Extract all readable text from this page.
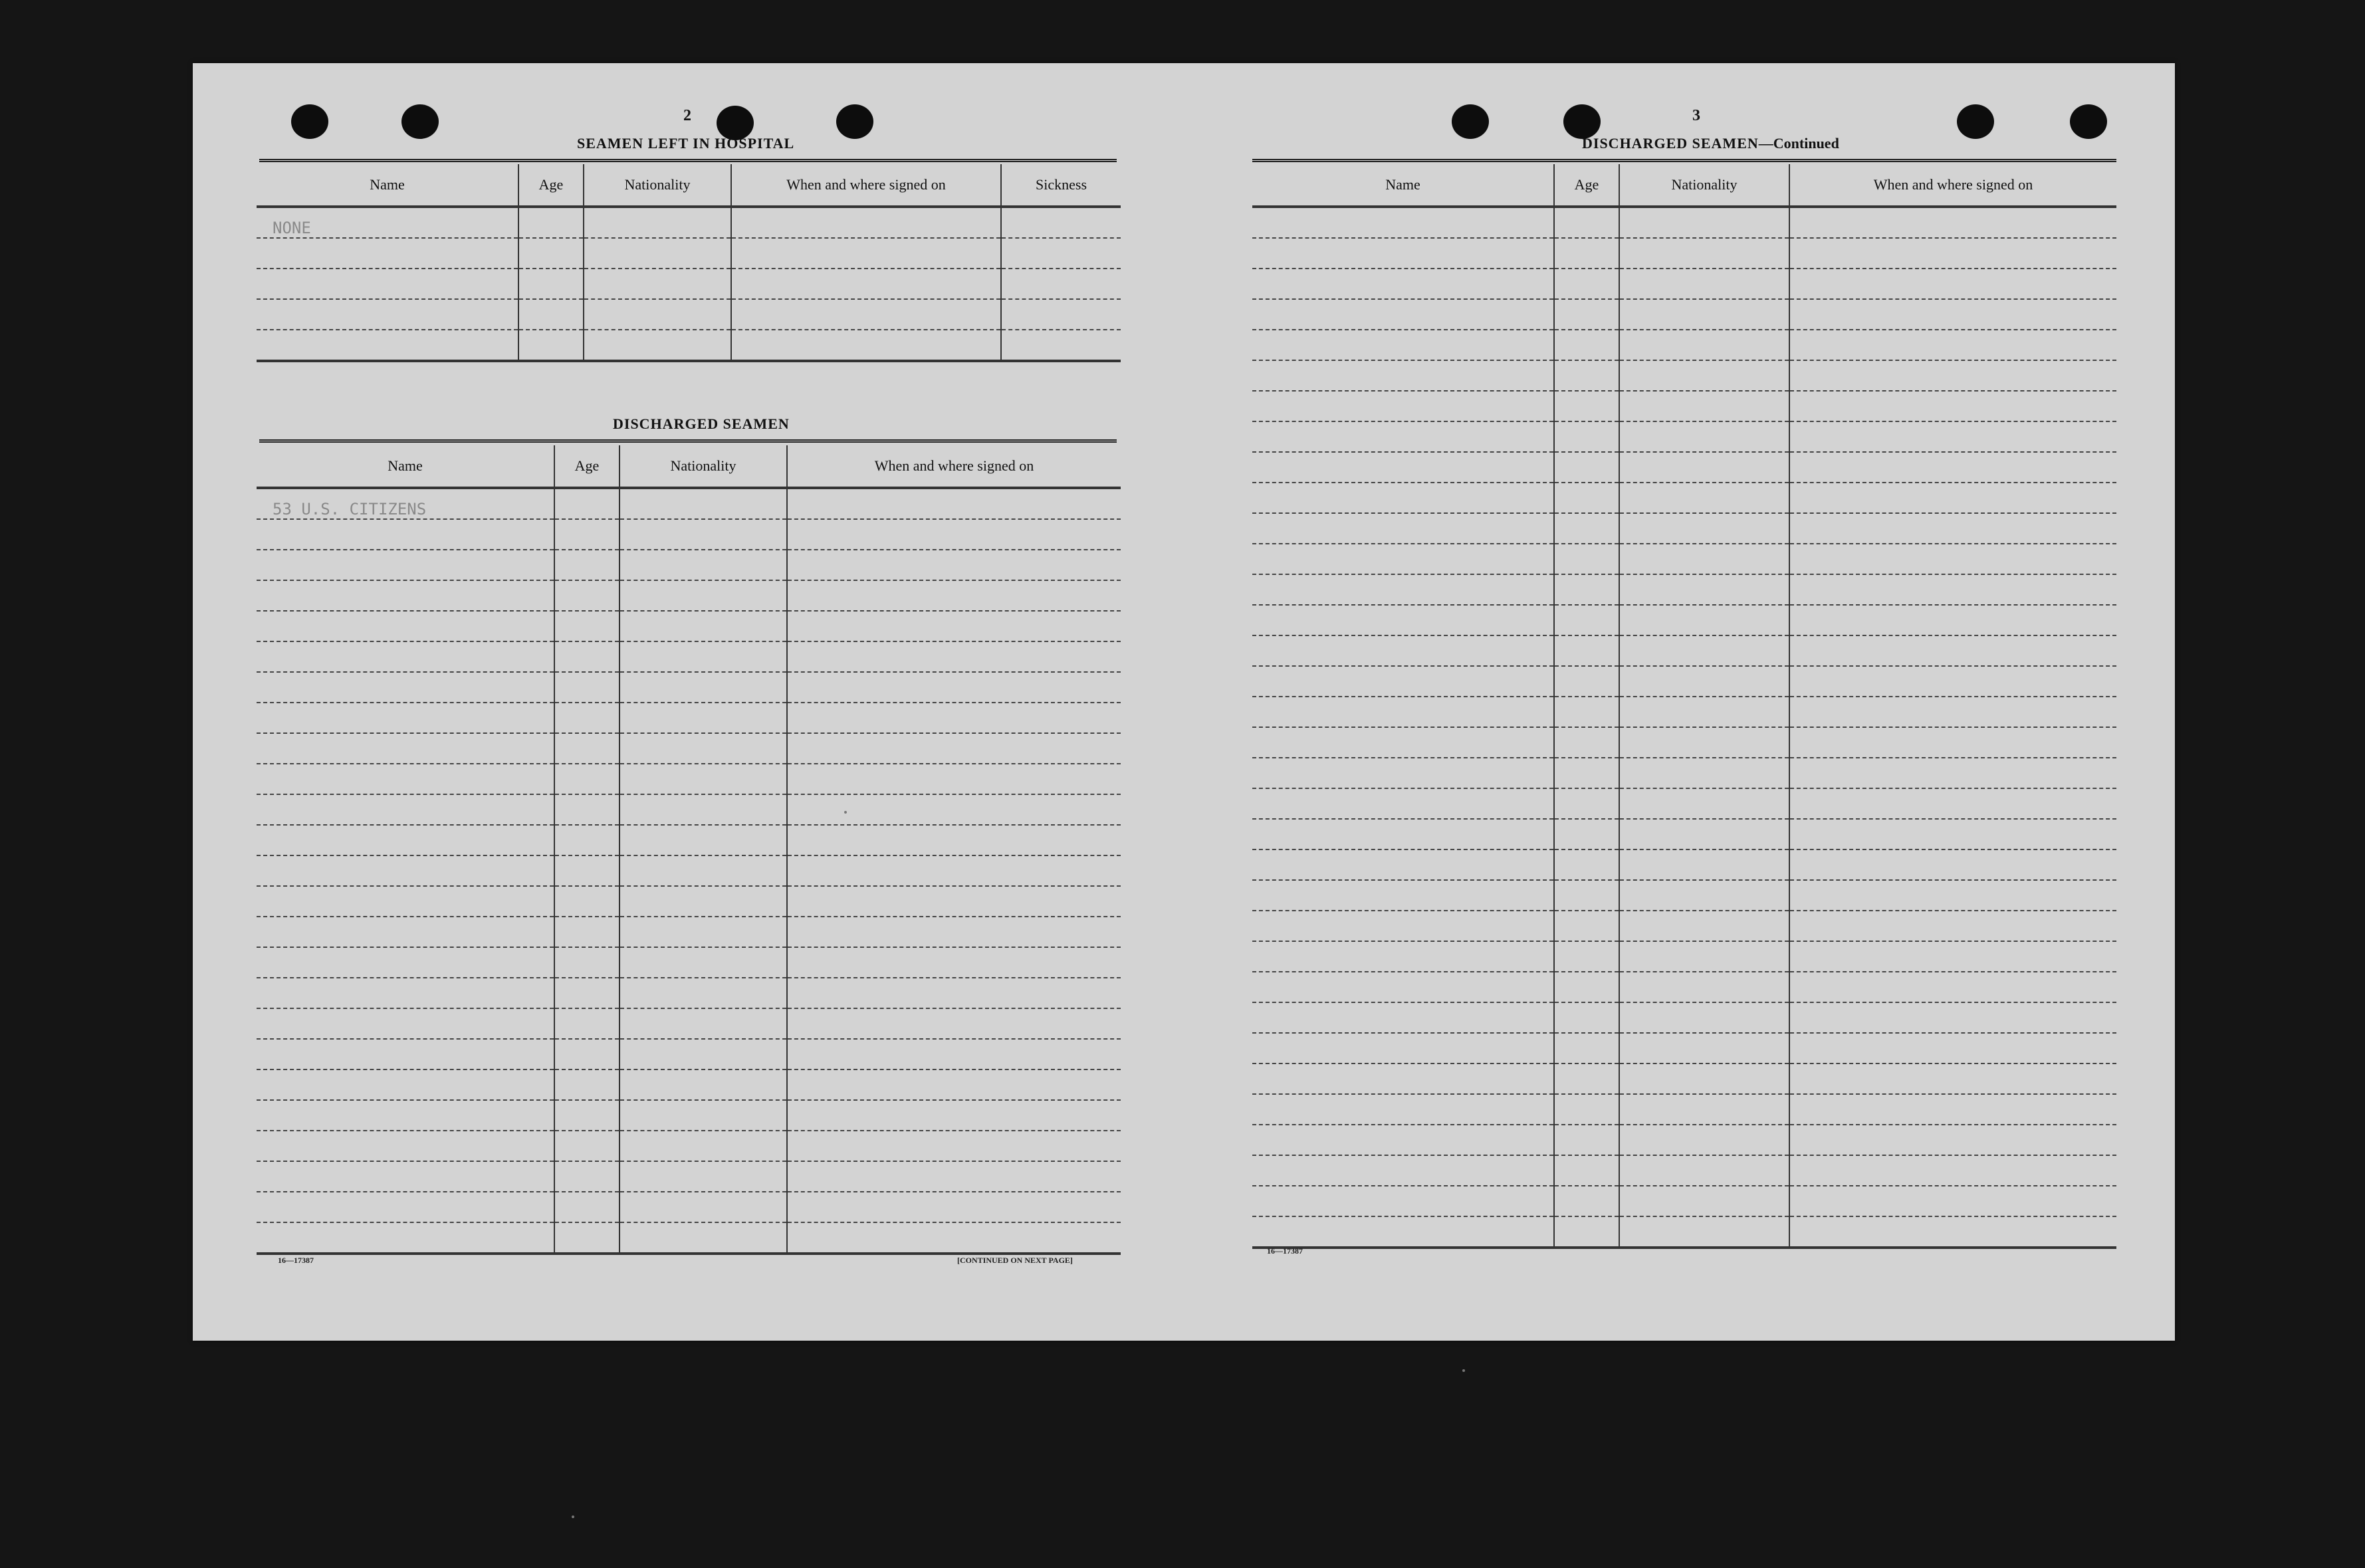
2
SEAMEN LEFT IN HOSPITAL
Name	Age	Nationality	When and where signed on	Sickness
NONE				

DISCHARGED SEAMEN
Name	Age	Nationality	When and where signed on
53 U.S. CITIZENS			

16—17387	[CONTINUED ON NEXT PAGE]
3
DISCHARGED SEAMEN—Continued
Name	Age	Nationality	When and where signed on

16—17387
